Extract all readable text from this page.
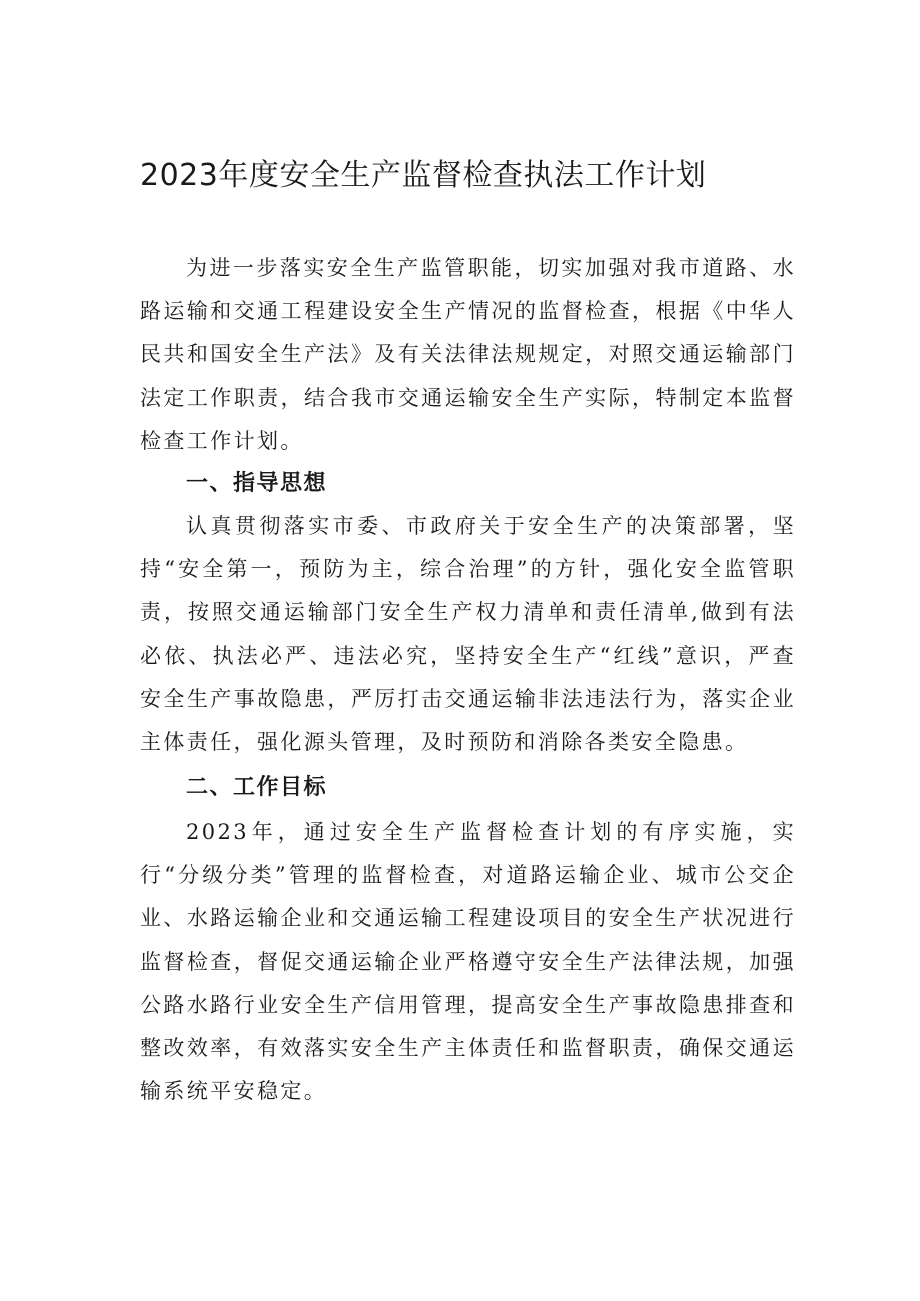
2023年度安全生产监督检查执法工作计划

为进一步落实安全生产监管职能，切实加强对我市道路、水路运输和交通工程建设安全生产情况的监督检查，根据《中华人民共和国安全生产法》及有关法律法规规定，对照交通运输部门法定工作职责，结合我市交通运输安全生产实际，特制定本监督检查工作计划。

一、指导思想

认真贯彻落实市委、市政府关于安全生产的决策部署，坚持“安全第一，预防为主，综合治理”的方针，强化安全监管职责，按照交通运输部门安全生产权力清单和责任清单,做到有法必依、执法必严、违法必究，坚持安全生产“红线”意识，严查安全生产事故隐患，严厉打击交通运输非法违法行为，落实企业主体责任，强化源头管理，及时预防和消除各类安全隐患。

二、工作目标

2023年，通过安全生产监督检查计划的有序实施，实行“分级分类”管理的监督检查，对道路运输企业、城市公交企业、水路运输企业和交通运输工程建设项目的安全生产状况进行监督检查，督促交通运输企业严格遵守安全生产法律法规，加强公路水路行业安全生产信用管理，提高安全生产事故隐患排查和整改效率，有效落实安全生产主体责任和监督职责，确保交通运输系统平安稳定。
